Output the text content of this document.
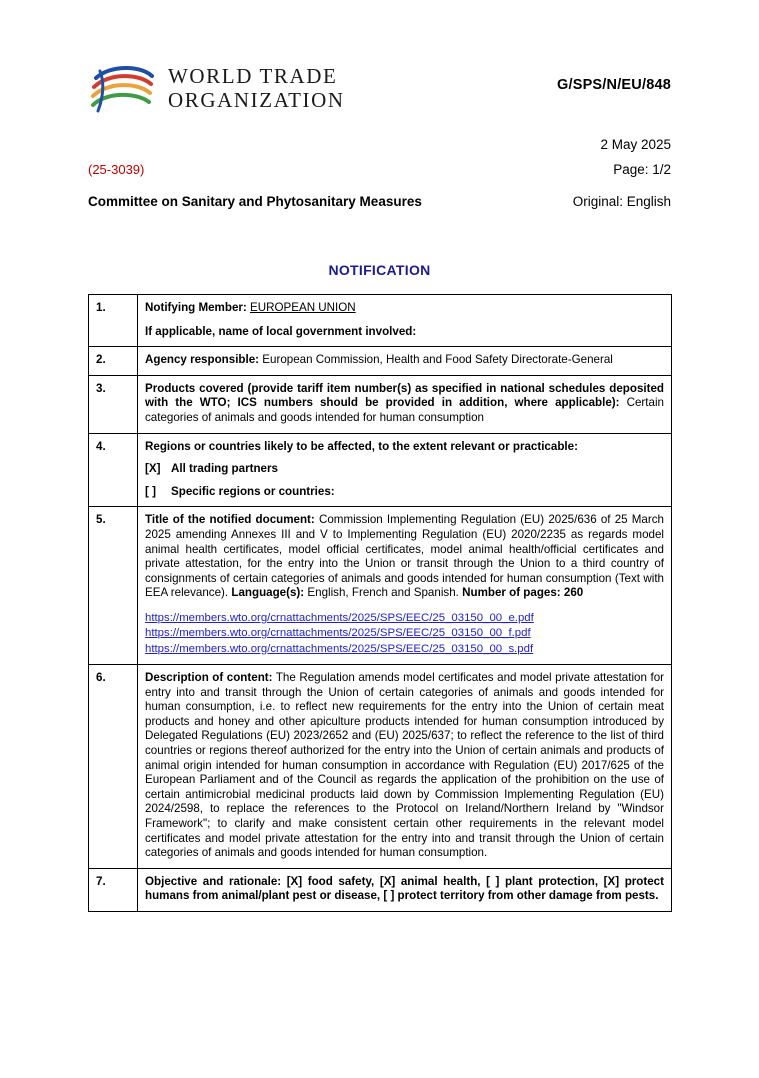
WORLD TRADE
ORGANIZATION
G/SPS/N/EU/848
2 May 2025
(25-3039)	Page: 1/2
Committee on Sanitary and Phytosanitary Measures	Original: English
NOTIFICATION
1.	Notifying Member: EUROPEAN UNION
If applicable, name of local government involved:

2.	Agency responsible: European Commission, Health and Food Safety Directorate-General
3.	Products covered (provide tariff item number(s) as specified in national schedules deposited with the WTO; ICS numbers should be provided in addition, where applicable): Certain categories of animals and goods intended for human consumption
4.	Regions or countries likely to be affected, to the extent relevant or practicable:
[X] All trading partners
[ ] Specific regions or countries:

5.	Title of the notified document: Commission Implementing Regulation (EU) 2025/636 of 25 March 2025 amending Annexes III and V to Implementing Regulation (EU) 2020/2235 as regards model animal health certificates, model official certificates, model animal health/official certificates and private attestation, for the entry into the Union or transit through the Union to a third country of consignments of certain categories of animals and goods intended for human consumption (Text with EEA relevance). Language(s): English, French and Spanish. Number of pages: 260
https://members.wto.org/crnattachments/2025/SPS/EEC/25_03150_00_e.pdf
https://members.wto.org/crnattachments/2025/SPS/EEC/25_03150_00_f.pdf
https://members.wto.org/crnattachments/2025/SPS/EEC/25_03150_00_s.pdf

6.	Description of content: The Regulation amends model certificates and model private attestation for entry into and transit through the Union of certain categories of animals and goods intended for human consumption, i.e. to reflect new requirements for the entry into the Union of certain meat products and honey and other apiculture products intended for human consumption introduced by Delegated Regulations (EU) 2023/2652 and (EU) 2025/637; to reflect the reference to the list of third countries or regions thereof authorized for the entry into the Union of certain animals and products of animal origin intended for human consumption in accordance with Regulation (EU) 2017/625 of the European Parliament and of the Council as regards the application of the prohibition on the use of certain antimicrobial medicinal products laid down by Commission Implementing Regulation (EU) 2024/2598, to replace the references to the Protocol on Ireland/Northern Ireland by "Windsor Framework"; to clarify and make consistent certain other requirements in the relevant model certificates and model private attestation for the entry into and transit through the Union of certain categories of animals and goods intended for human consumption.
7.	Objective and rationale: [X] food safety, [X] animal health, [ ] plant protection, [X] protect humans from animal/plant pest or disease, [ ] protect territory from other damage from pests.
